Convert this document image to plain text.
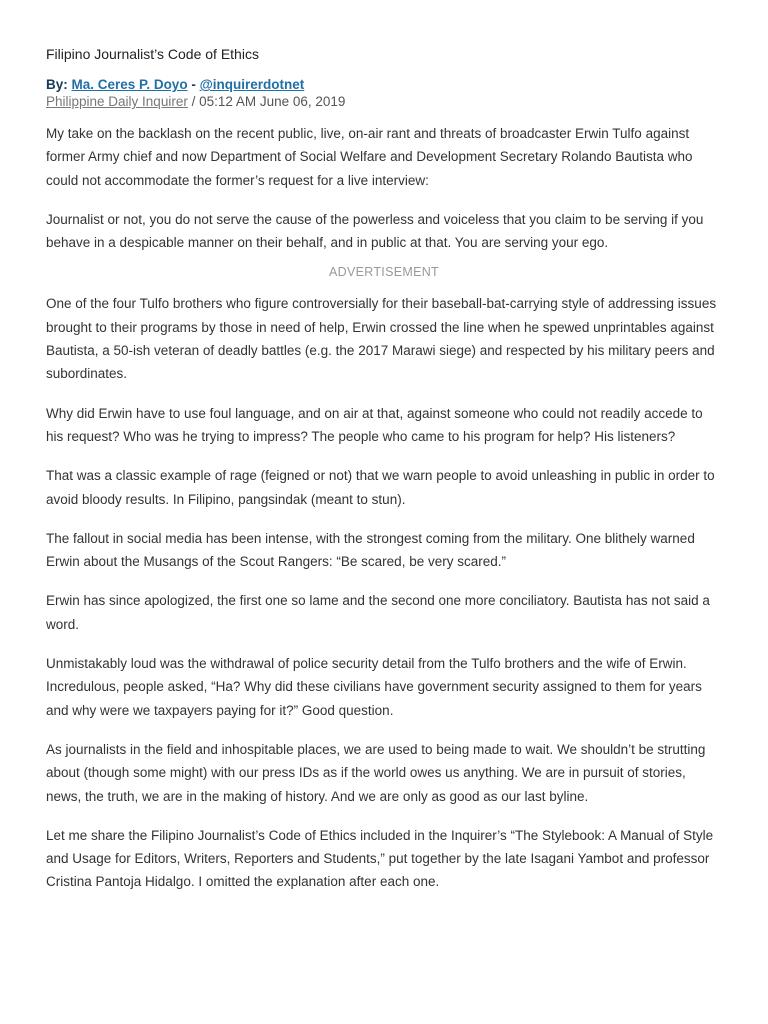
Filipino Journalist’s Code of Ethics
By: Ma. Ceres P. Doyo - @inquirerdotnet
Philippine Daily Inquirer / 05:12 AM June 06, 2019

My take on the backlash on the recent public, live, on-air rant and threats of broadcaster Erwin Tulfo against former Army chief and now Department of Social Welfare and Development Secretary Rolando Bautista who could not accommodate the former’s request for a live interview:

Journalist or not, you do not serve the cause of the powerless and voiceless that you claim to be serving if you behave in a despicable manner on their behalf, and in public at that. You are serving your ego.

ADVERTISEMENT

One of the four Tulfo brothers who figure controversially for their baseball-bat-carrying style of addressing issues brought to their programs by those in need of help, Erwin crossed the line when he spewed unprintables against Bautista, a 50-ish veteran of deadly battles (e.g. the 2017 Marawi siege) and respected by his military peers and subordinates.

Why did Erwin have to use foul language, and on air at that, against someone who could not readily accede to his request? Who was he trying to impress? The people who came to his program for help? His listeners?

That was a classic example of rage (feigned or not) that we warn people to avoid unleashing in public in order to avoid bloody results. In Filipino, pangsindak (meant to stun).

The fallout in social media has been intense, with the strongest coming from the military. One blithely warned Erwin about the Musangs of the Scout Rangers: “Be scared, be very scared.”

Erwin has since apologized, the first one so lame and the second one more conciliatory. Bautista has not said a word.

Unmistakably loud was the withdrawal of police security detail from the Tulfo brothers and the wife of Erwin. Incredulous, people asked, “Ha? Why did these civilians have government security assigned to them for years and why were we taxpayers paying for it?” Good question.

As journalists in the field and inhospitable places, we are used to being made to wait. We shouldn’t be strutting about (though some might) with our press IDs as if the world owes us anything. We are in pursuit of stories, news, the truth, we are in the making of history. And we are only as good as our last byline.

Let me share the Filipino Journalist’s Code of Ethics included in the Inquirer’s “The Stylebook: A Manual of Style and Usage for Editors, Writers, Reporters and Students,” put together by the late Isagani Yambot and professor Cristina Pantoja Hidalgo. I omitted the explanation after each one.
